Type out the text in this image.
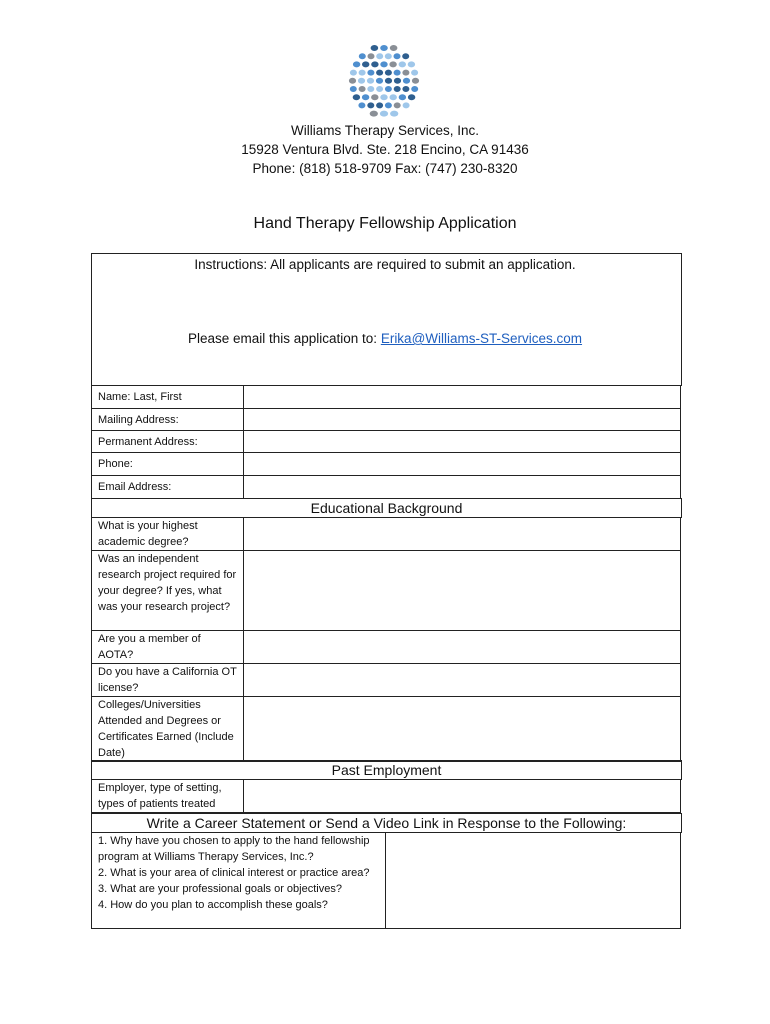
Williams Therapy Services, Inc.
15928 Ventura Blvd. Ste. 218 Encino, CA 91436
Phone: (818) 518-9709 Fax: (747) 230-8320
Hand Therapy Fellowship Application
Instructions: All applicants are required to submit an application.
Please email this application to: Erika@Williams-ST-Services.com
Name: Last, First	
Mailing Address:	
Permanent Address:	
Phone:	
Email Address:	
Educational Background
What is your highest academic degree?	
Was an independent research project required for your degree? If yes, what was your research project?	
Are you a member of AOTA?	
Do you have a California OT license?	
Colleges/Universities Attended and Degrees or Certificates Earned (Include Date)	
Past Employment
Employer, type of setting, types of patients treated	
Write a Career Statement or Send a Video Link in Response to the Following:
1. Why have you chosen to apply to the hand fellowship program at Williams Therapy Services, Inc.?
2. What is your area of clinical interest or practice area?
3. What are your professional goals or objectives?
4. How do you plan to accomplish these goals?
